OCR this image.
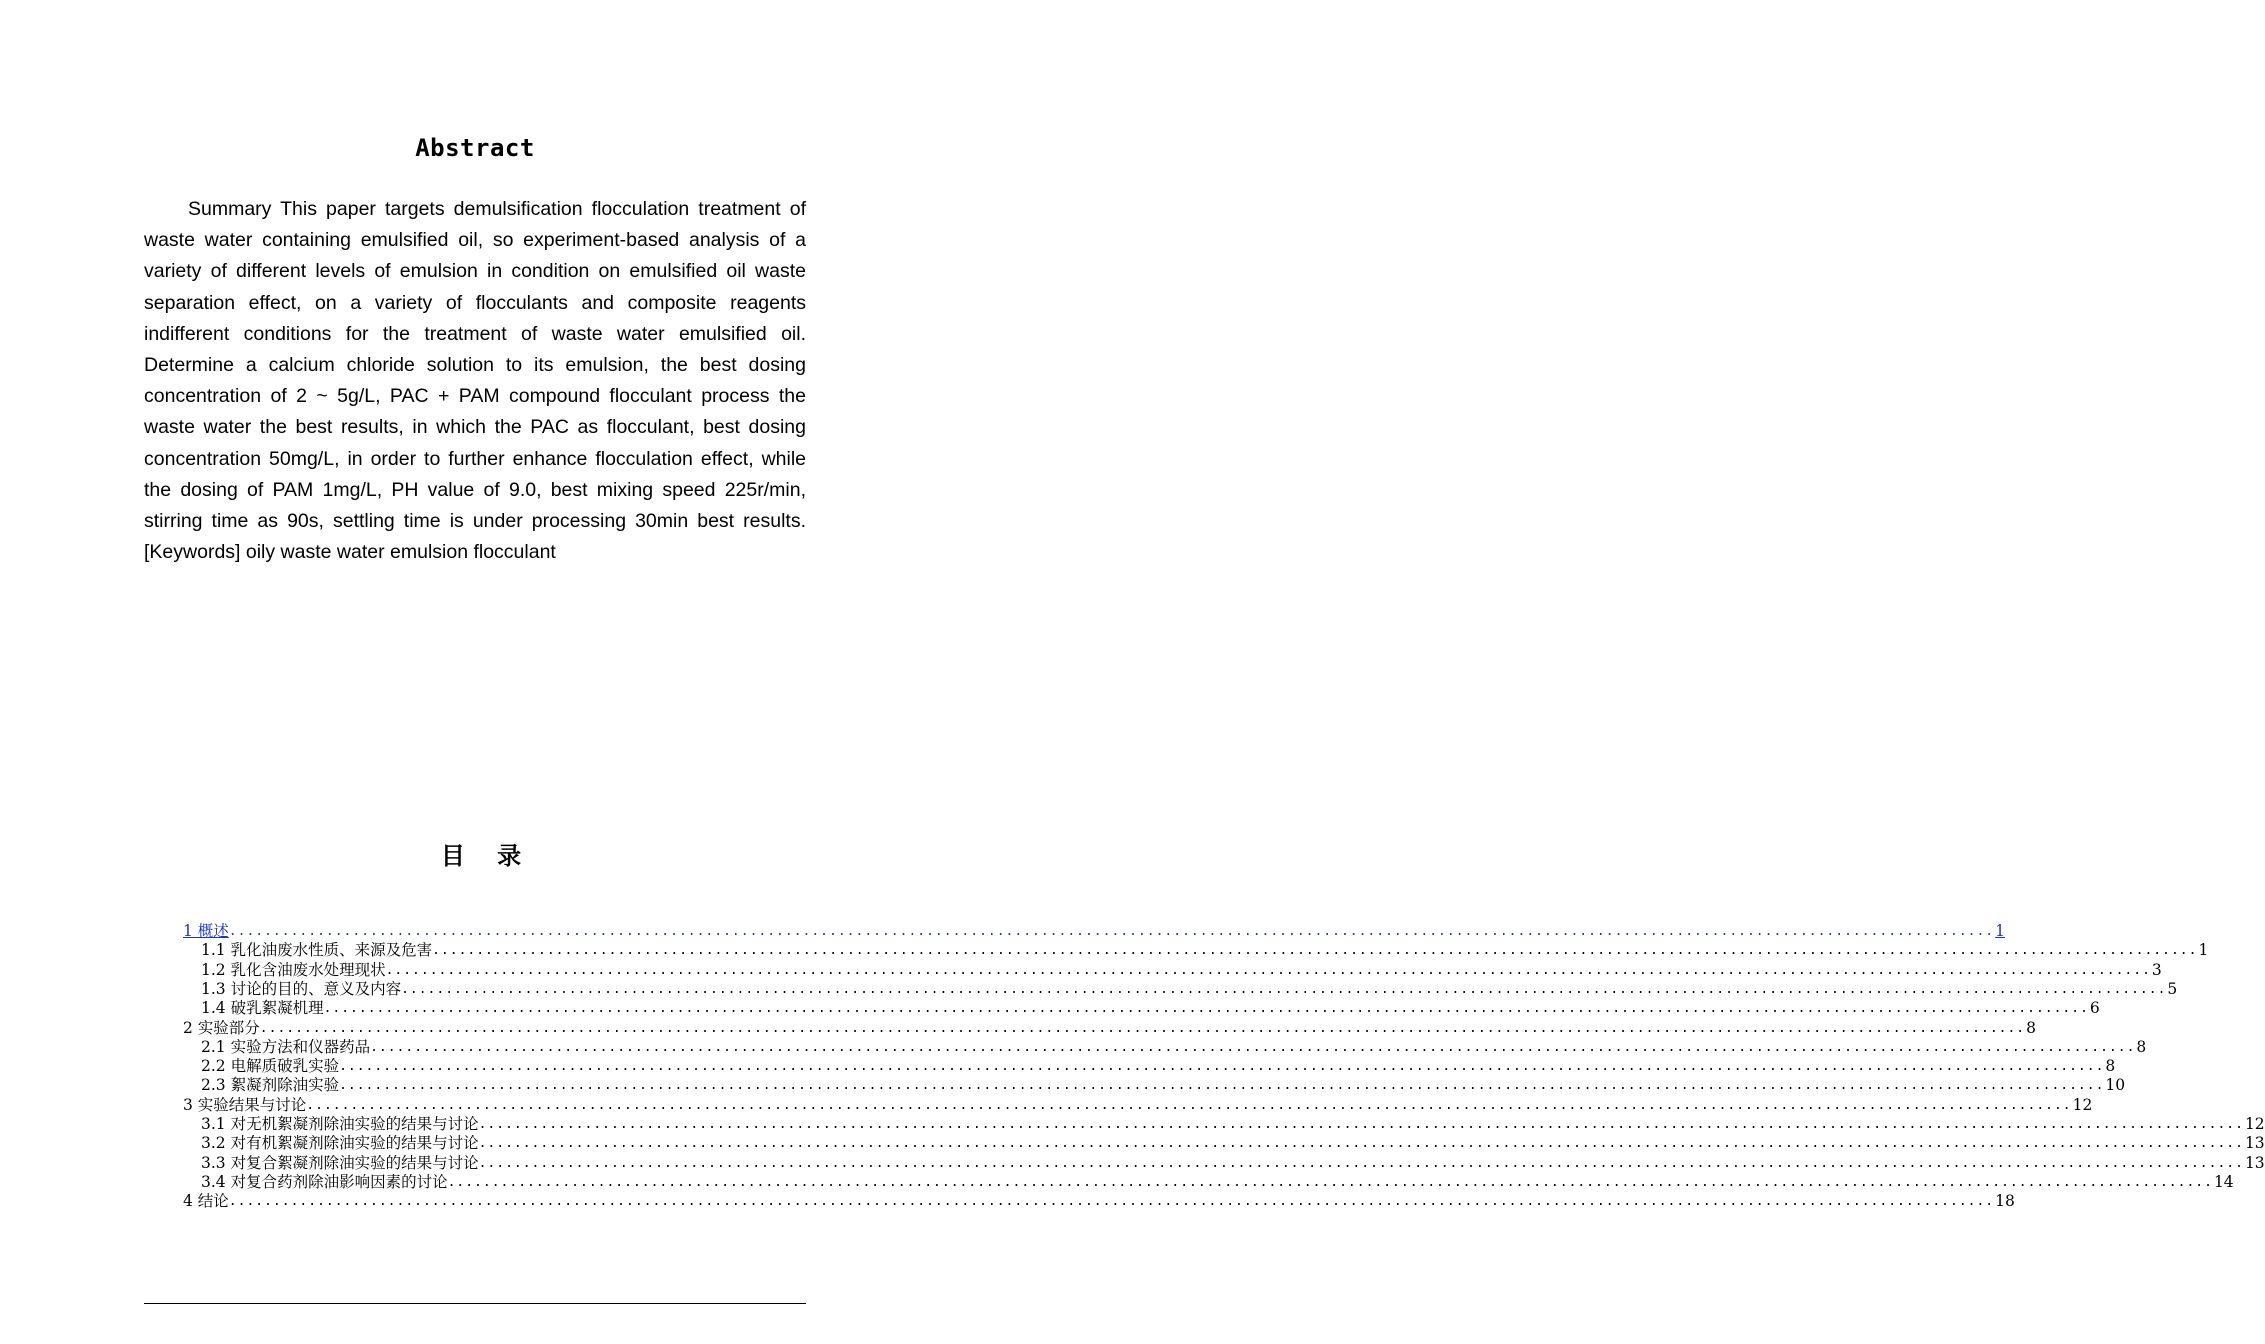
Abstract
Summary This paper targets demulsification flocculation treatment of waste water containing emulsified oil, so experiment-based analysis of a variety of different levels of emulsion in condition on emulsified oil waste separation effect, on a variety of flocculants and composite reagents indifferent conditions for the treatment of waste water emulsified oil. Determine a calcium chloride solution to its emulsion, the best dosing concentration of 2 ~ 5g/L, PAC + PAM compound flocculant process the waste water the best results, in which the PAC as flocculant, best dosing concentration 50mg/L, in order to further enhance flocculation effect, while the dosing of PAM 1mg/L, PH value of 9.0, best mixing speed 225r/min, stirring time as 90s, settling time is under processing 30min best results. [Keywords] oily waste water emulsion flocculant
目 录
1 概述 ........................................................................................................................................................................................................ 1
1.1 乳化油废水性质、来源及危害 ........................................................................................................................................................................................................ 1
1.2 乳化含油废水处理现状 ........................................................................................................................................................................................................ 3
1.3 讨论的目的、意义及内容 ........................................................................................................................................................................................................ 5
1.4 破乳絮凝机理 ........................................................................................................................................................................................................ 6
2 实验部分 ........................................................................................................................................................................................................ 8
2.1 实验方法和仪器药品 ........................................................................................................................................................................................................ 8
2.2 电解质破乳实验 ........................................................................................................................................................................................................ 8
2.3 絮凝剂除油实验 ........................................................................................................................................................................................................ 10
3 实验结果与讨论 ........................................................................................................................................................................................................ 12
3.1 对无机絮凝剂除油实验的结果与讨论 ........................................................................................................................................................................................................ 12
3.2 对有机絮凝剂除油实验的结果与讨论 ........................................................................................................................................................................................................ 13
3.3 对复合絮凝剂除油实验的结果与讨论 ........................................................................................................................................................................................................ 13
3.4 对复合药剂除油影响因素的讨论 ........................................................................................................................................................................................................ 14
4 结论 ........................................................................................................................................................................................................ 18
